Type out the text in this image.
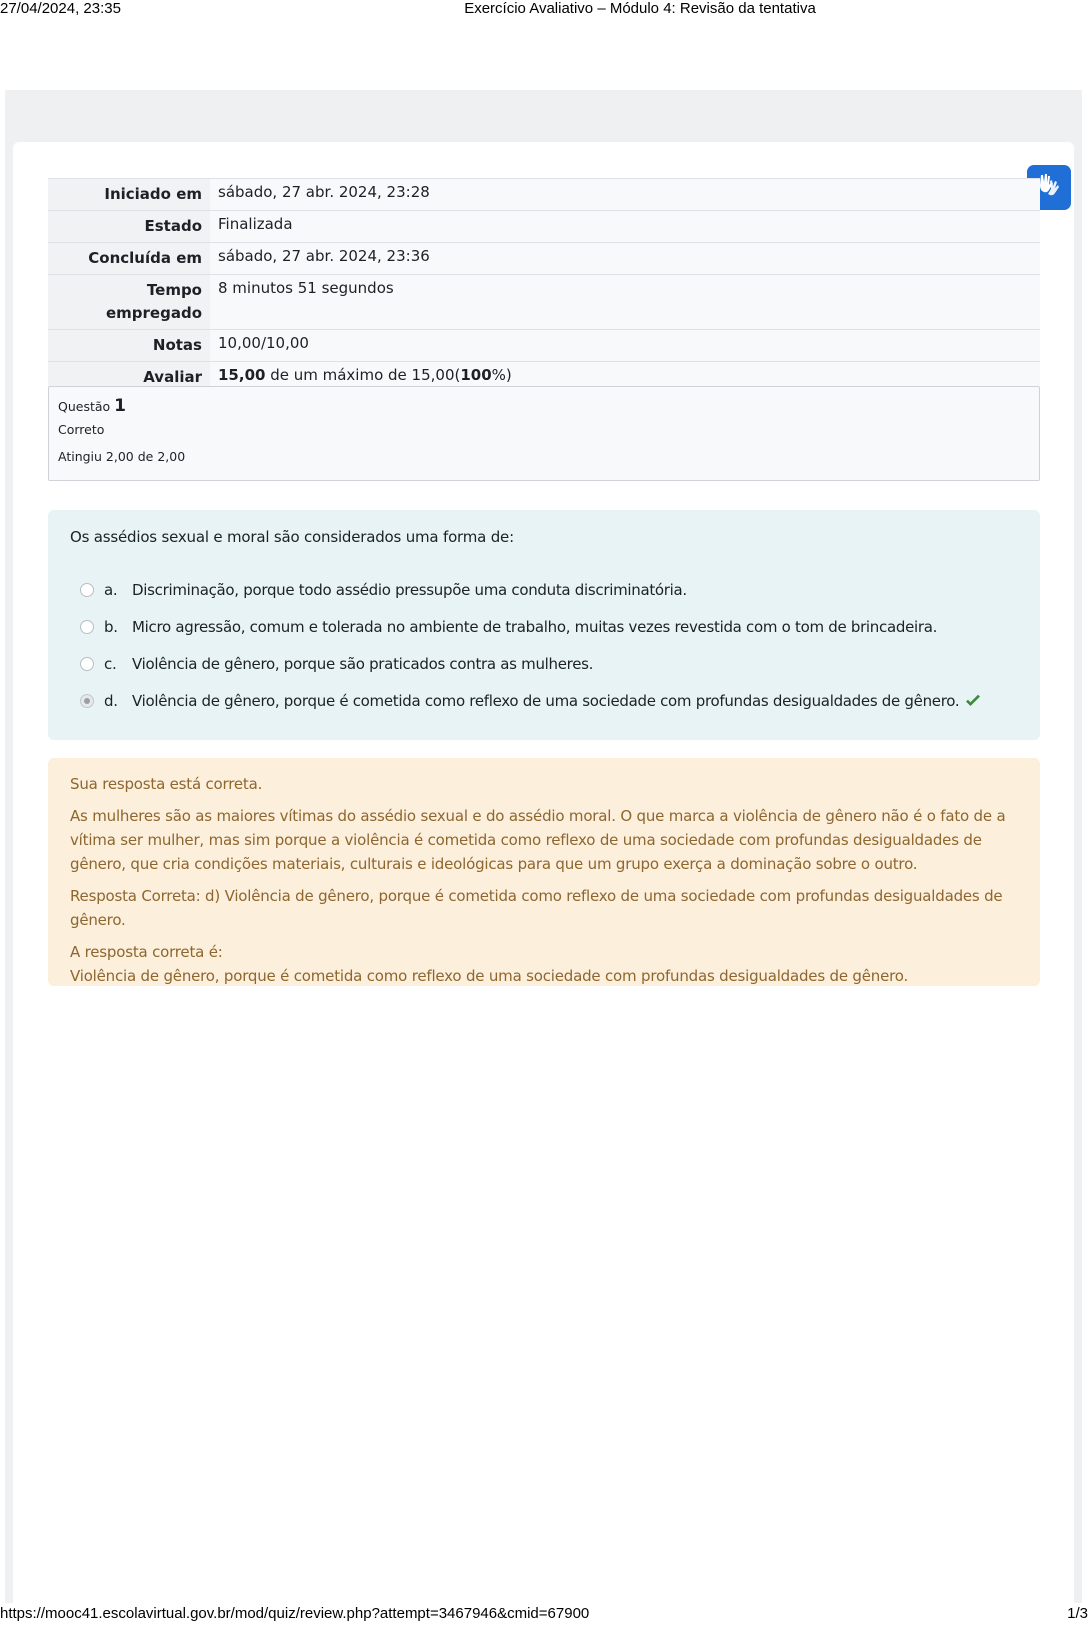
27/04/2024, 23:35	Exercício Avaliativo – Módulo 4: Revisão da tentativa
Iniciado em	sábado, 27 abr. 2024, 23:28
Estado	Finalizada
Concluída em	sábado, 27 abr. 2024, 23:36
Tempo
empregado	8 minutos 51 segundos
Notas	10,00/10,00
Avaliar	15,00 de um máximo de 15,00(100%)
Questão 1
Correto
Atingiu 2,00 de 2,00
Os assédios sexual e moral são considerados uma forma de:
a. Discriminação, porque todo assédio pressupõe uma conduta discriminatória.
b. Micro agressão, comum e tolerada no ambiente de trabalho, muitas vezes revestida com o tom de brincadeira.
c.	Violência de gênero, porque são praticados contra as mulheres.
d. Violência de gênero, porque é cometida como reflexo de uma sociedade com profundas desigualdades de gênero.

Sua resposta está correta.

As mulheres são as maiores vítimas do assédio sexual e do assédio moral. O que marca a violência de gênero não é o fato de a vítima ser mulher, mas sim porque a violência é cometida como reflexo de uma sociedade com profundas desigualdades de gênero, que cria condições materiais, culturais e ideológicas para que um grupo exerça a dominação sobre o outro.

Resposta Correta: d) Violência de gênero, porque é cometida como reflexo de uma sociedade com profundas desigualdades de gênero.

A resposta correta é:

Violência de gênero, porque é cometida como reflexo de uma sociedade com profundas desigualdades de gênero.

https://mooc41.escolavirtual.gov.br/mod/quiz/review.php?attempt=3467946&cmid=67900	1/3
